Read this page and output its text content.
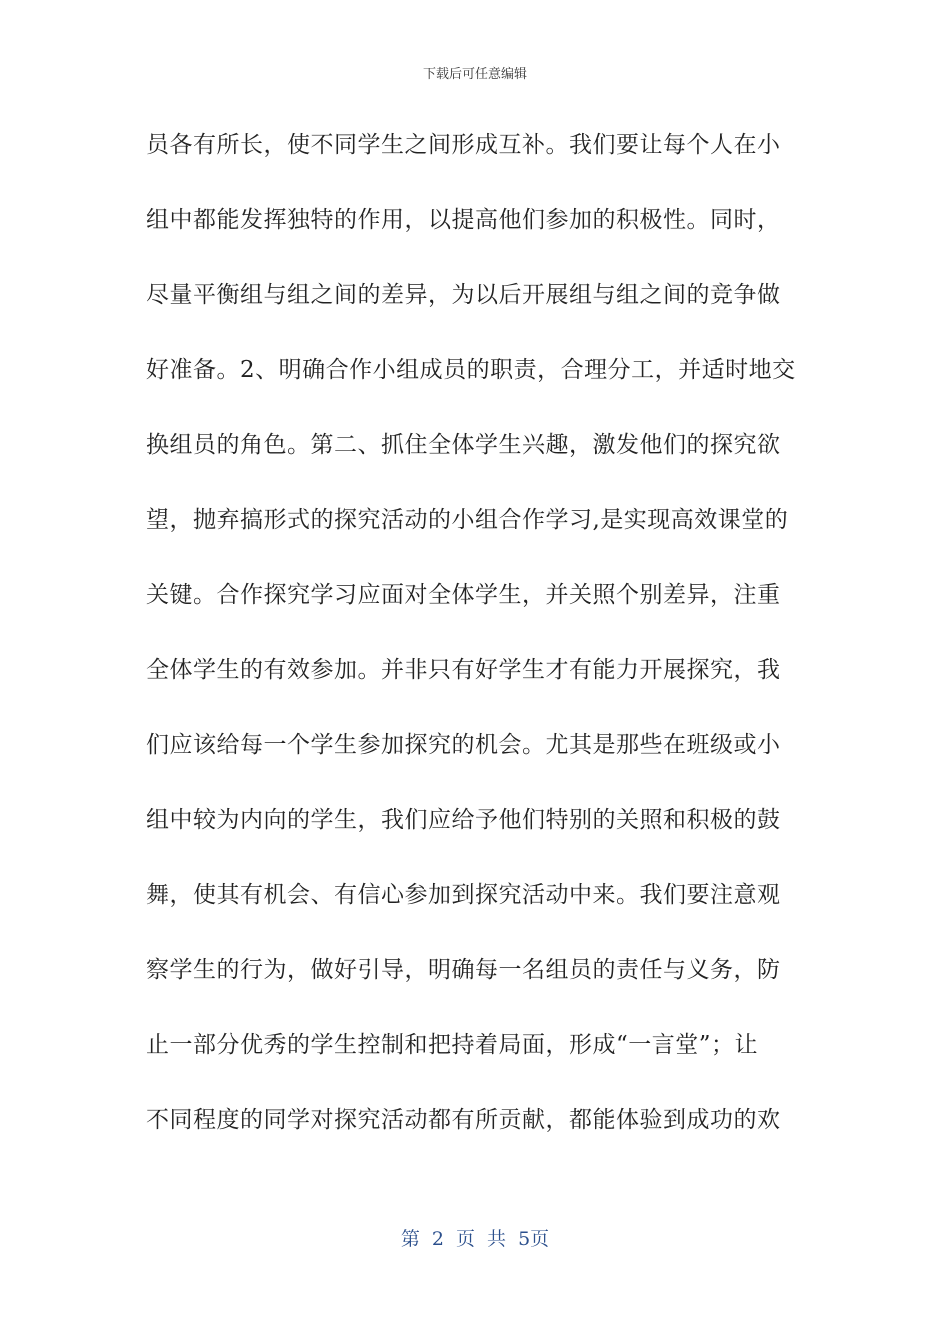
下载后可任意编辑
员各有所长，使不同学生之间形成互补。我们要让每个人在小
组中都能发挥独特的作用，以提高他们参加的积极性。同时，
尽量平衡组与组之间的差异，为以后开展组与组之间的竞争做
好准备。2、明确合作小组成员的职责，合理分工，并适时地交
换组员的角色。第二、抓住全体学生兴趣，激发他们的探究欲
望，抛弃搞形式的探究活动的小组合作学习,是实现高效课堂的
关键。合作探究学习应面对全体学生，并关照个别差异，注重
全体学生的有效参加。并非只有好学生才有能力开展探究，我
们应该给每一个学生参加探究的机会。尤其是那些在班级或小
组中较为内向的学生，我们应给予他们特别的关照和积极的鼓
舞，使其有机会、有信心参加到探究活动中来。我们要注意观
察学生的行为，做好引导，明确每一名组员的责任与义务，防
止一部分优秀的学生控制和把持着局面，形成“一言堂”；让
不同程度的同学对探究活动都有所贡献，都能体验到成功的欢
第 2 页 共 5页
